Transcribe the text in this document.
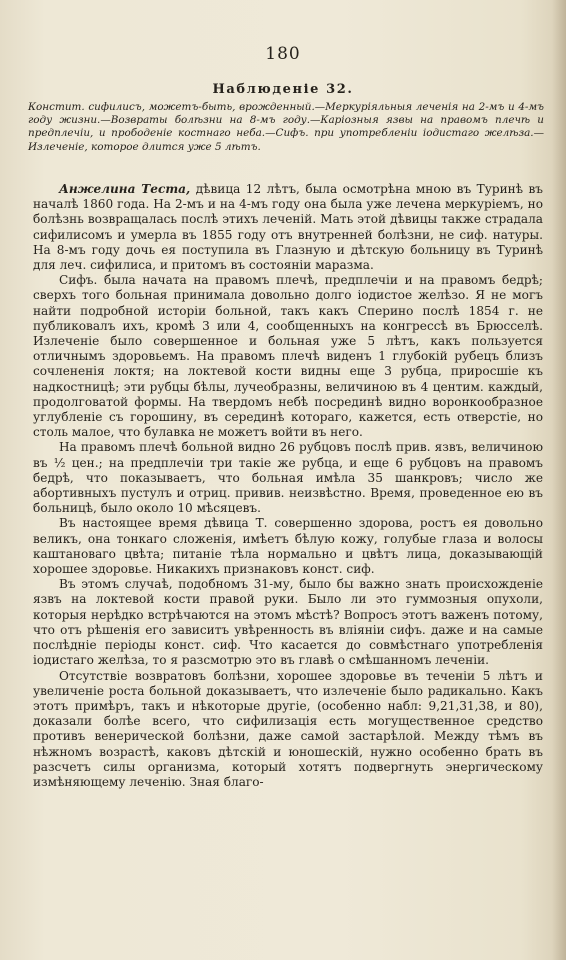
180
Наблюденіе 32.
Констит. сифилисъ, можетъ-быть, врожденный.—Меркуріяльныя леченія на 2-мъ и 4-мъ году жизни.—Возвраты болѣзни на 8-мъ году.—Каріозныя язвы на правомъ плечѣ и предплечіи, и прободеніе костнаго неба.—Сифъ. при употребленіи іодистаго желѣза.—Излеченіе, которое длится уже 5 лѣтъ.

Анжелина Теста, дѣвица 12 лѣтъ, была осмотрѣна мною въ Туринѣ въ началѣ 1860 года. На 2-мъ и на 4-мъ году она была уже лечена меркуріемъ, но болѣзнь возвращалась послѣ этихъ леченій. Мать этой дѣвицы также страдала сифилисомъ и умерла въ 1855 году отъ внутренней болѣзни, не сиф. натуры. На 8-мъ году дочь ея поступила въ Глазную и дѣтскую больницу въ Туринѣ для леч. сифилиса, и притомъ въ состояніи маразма.

Сифъ. была начата на правомъ плечѣ, предплечіи и на правомъ бедрѣ; сверхъ того больная принимала довольно долго іодистое желѣзо. Я не могъ найти подробной исторіи больной, такъ какъ Сперино послѣ 1854 г. не публиковалъ ихъ, кромѣ 3 или 4, сообщенныхъ на конгрессѣ въ Брюсселѣ. Излеченіе было совершенное и больная уже 5 лѣтъ, какъ пользуется отличнымъ здоровьемъ. На правомъ плечѣ виденъ 1 глубокій рубецъ близъ сочлененія локтя; на локтевой кости видны еще 3 рубца, приросшіе къ надкостницѣ; эти рубцы бѣлы, лучеобразны, величиною въ 4 центим. каждый, продолговатой формы. На твердомъ небѣ посрединѣ видно воронкообразное углубленіе съ горошину, въ серединѣ котораго, кажется, есть отверстіе, но столь малое, что булавка не можетъ войти въ него.

На правомъ плечѣ больной видно 26 рубцовъ послѣ прив. язвъ, величиною въ ½ цен.; на предплечіи три такіе же рубца, и еще 6 рубцовъ на правомъ бедрѣ, что показываетъ, что больная имѣла 35 шанкровъ; число же абортивныхъ пустулъ и отриц. привив. неизвѣстно. Время, проведенное ею въ больницѣ, было около 10 мѣсяцевъ.

Въ настоящее время дѣвица Т. совершенно здорова, ростъ ея довольно великъ, она тонкаго сложенія, имѣетъ бѣлую кожу, голубые глаза и волосы каштановаго цвѣта; питаніе тѣла нормально и цвѣтъ лица, доказывающій хорошее здоровье. Никакихъ признаковъ конст. сиф.

Въ этомъ случаѣ, подобномъ 31-му, было бы важно знать происхожденіе язвъ на локтевой кости правой руки. Было ли это гуммозныя опухоли, которыя нерѣдко встрѣчаются на этомъ мѣстѣ? Вопросъ этотъ важенъ потому, что отъ рѣшенія его зависитъ увѣренность въ вліяніи сифъ. даже и на самые послѣдніе періоды конст. сиф. Что касается до совмѣстнаго употребленія іодистаго желѣза, то я разсмотрю это въ главѣ о смѣшанномъ леченіи.

Отсутствіе возвратовъ болѣзни, хорошее здоровье въ теченіи 5 лѣтъ и увеличеніе роста больной доказываетъ, что излеченіе было радикально. Какъ этотъ примѣръ, такъ и нѣкоторые другіе, (особенно набл: 9,21,31,38, и 80), доказали болѣе всего, что сифилизація есть могущественное средство противъ венерической болѣзни, даже самой застарѣлой. Между тѣмъ въ нѣжномъ возрастѣ, каковъ дѣтскій и юношескій, нужно особенно брать въ разсчетъ силы организма, который хотятъ подвергнуть энергическому измѣняющему леченію. Зная благо-
